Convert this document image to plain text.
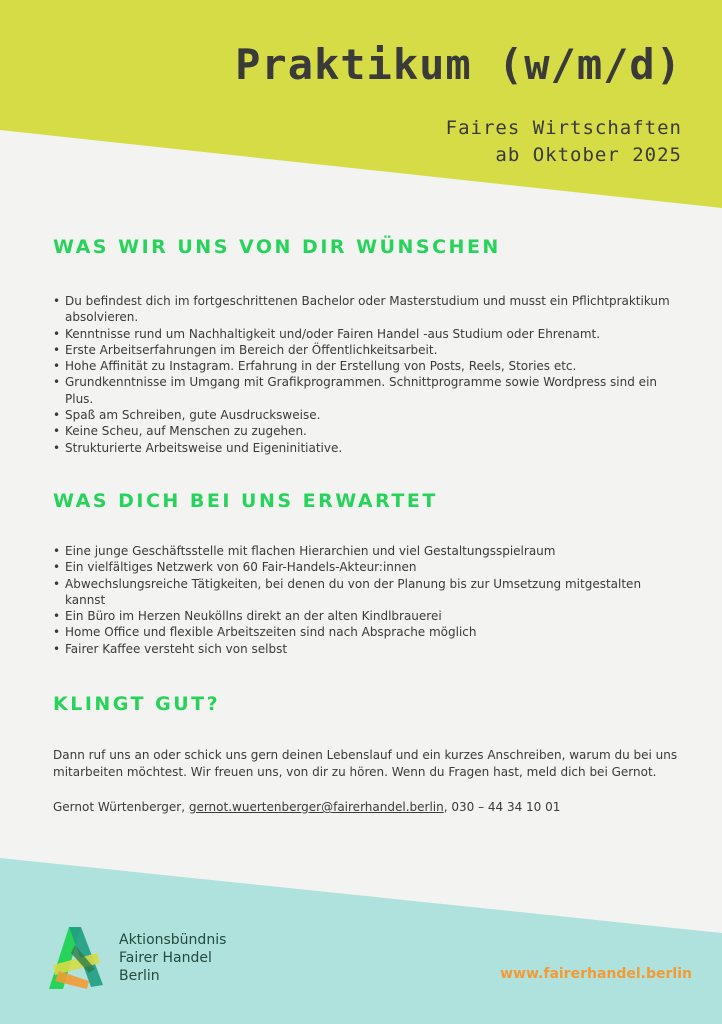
Praktikum (w/m/d)
Faires Wirtschaften
ab Oktober 2025
WAS WIR UNS VON DIR WÜNSCHEN
• Du befindest dich im fortgeschrittenen Bachelor oder Masterstudium und musst ein Pflichtpraktikum absolvieren.
• Kenntnisse rund um Nachhaltigkeit und/oder Fairen Handel -aus Studium oder Ehrenamt.
• Erste Arbeitserfahrungen im Bereich der Öffentlichkeitsarbeit.
• Hohe Affinität zu Instagram. Erfahrung in der Erstellung von Posts, Reels, Stories etc.
• Grundkenntnisse im Umgang mit Grafikprogrammen. Schnittprogramme sowie Wordpress sind ein Plus.
• Spaß am Schreiben, gute Ausdrucksweise.
• Keine Scheu, auf Menschen zu zugehen.
• Strukturierte Arbeitsweise und Eigeninitiative.
WAS DICH BEI UNS ERWARTET
• Eine junge Geschäftsstelle mit flachen Hierarchien und viel Gestaltungsspielraum
• Ein vielfältiges Netzwerk von 60 Fair-Handels-Akteur:innen
• Abwechslungsreiche Tätigkeiten, bei denen du von der Planung bis zur Umsetzung mitgestalten kannst
• Ein Büro im Herzen Neuköllns direkt an der alten Kindlbrauerei
• Home Office und flexible Arbeitszeiten sind nach Absprache möglich
• Fairer Kaffee versteht sich von selbst
KLINGT GUT?

Dann ruf uns an oder schick uns gern deinen Lebenslauf und ein kurzes Anschreiben, warum du bei uns mitarbeiten möchtest. Wir freuen uns, von dir zu hören. Wenn du Fragen hast, meld dich bei Gernot.

Gernot Würtenberger, gernot.wuertenberger@fairerhandel.berlin, 030 – 44 34 10 01

Aktionsbündnis
Fairer Handel
Berlin	www.fairerhandel.berlin
